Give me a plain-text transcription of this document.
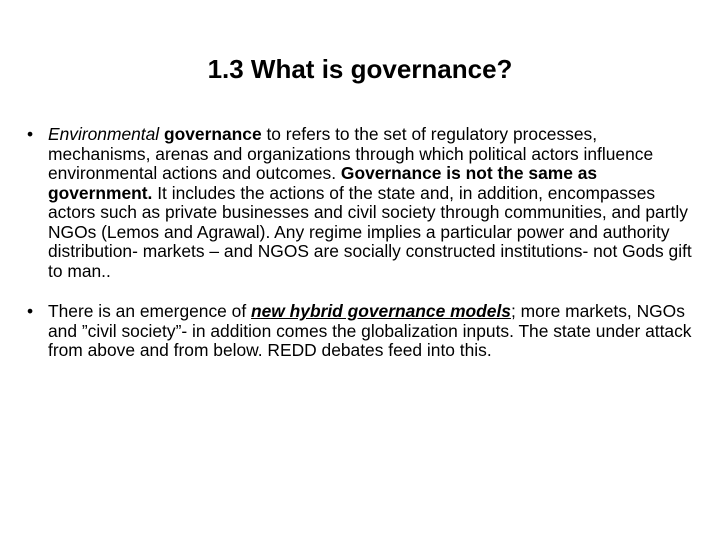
1.3 What is governance?
• Environmental governance to refers to the set of regulatory processes, mechanisms, arenas and organizations through which political actors influence environmental actions and outcomes. Governance is not the same as government. It includes the actions of the state and, in addition, encompasses actors such as private businesses and civil society through communities, and partly NGOs (Lemos and Agrawal). Any regime implies a particular power and authority distribution- markets – and NGOS are socially constructed institutions- not Gods gift to man..
• There is an emergence of new hybrid governance models; more markets, NGOs and ”civil society”- in addition comes the globalization inputs. The state under attack from above and from below. REDD debates feed into this.
